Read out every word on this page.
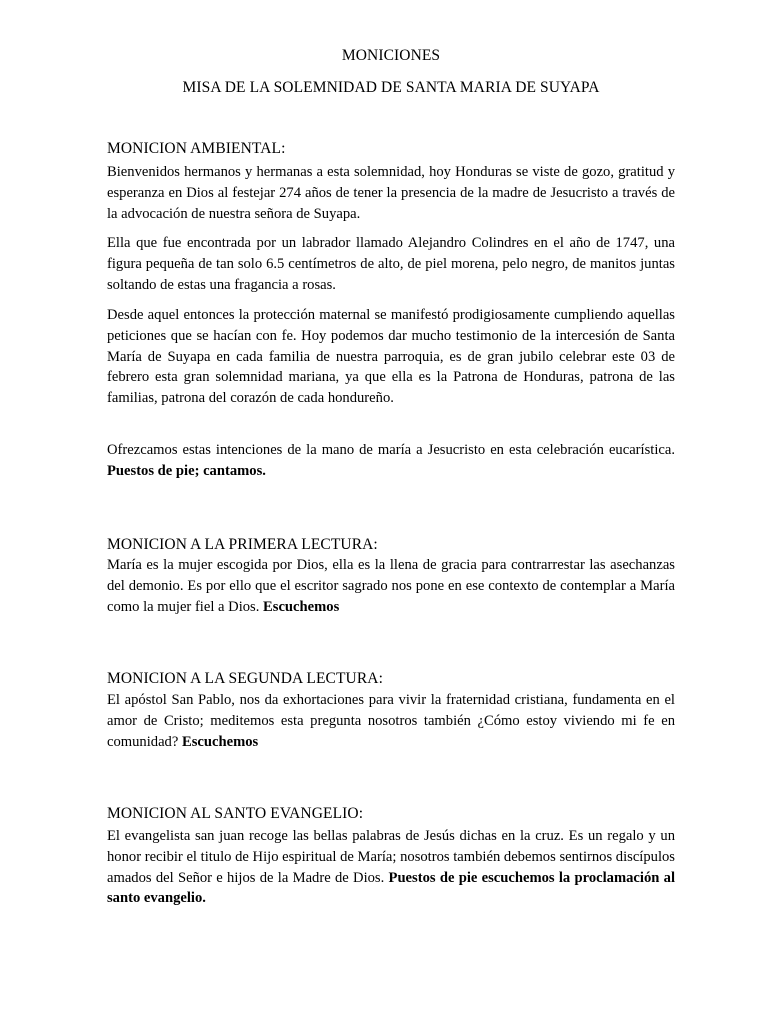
MONICIONES
MISA DE LA SOLEMNIDAD DE SANTA MARIA DE SUYAPA
MONICION AMBIENTAL:

Bienvenidos hermanos y hermanas a esta solemnidad, hoy Honduras se viste de gozo, gratitud y esperanza en Dios al festejar 274 años de tener la presencia de la madre de Jesucristo a través de la advocación de nuestra señora de Suyapa.

Ella que fue encontrada por un labrador llamado Alejandro Colindres en el año de 1747, una figura pequeña de tan solo 6.5 centímetros de alto, de piel morena, pelo negro, de manitos juntas soltando de estas una fragancia a rosas.

Desde aquel entonces la protección maternal se manifestó prodigiosamente cumpliendo aquellas peticiones que se hacían con fe. Hoy podemos dar mucho testimonio de la intercesión de Santa María de Suyapa en cada familia de nuestra parroquia, es de gran jubilo celebrar este 03 de febrero esta gran solemnidad mariana, ya que ella es la Patrona de Honduras, patrona de las familias, patrona del corazón de cada hondureño.

Ofrezcamos estas intenciones de la mano de maría a Jesucristo en esta celebración eucarística. Puestos de pie; cantamos.

MONICION A LA PRIMERA LECTURA:

María es la mujer escogida por Dios, ella es la llena de gracia para contrarrestar las asechanzas del demonio. Es por ello que el escritor sagrado nos pone en ese contexto de contemplar a María como la mujer fiel a Dios. Escuchemos

MONICION A LA SEGUNDA LECTURA:

El apóstol San Pablo, nos da exhortaciones para vivir la fraternidad cristiana, fundamenta en el amor de Cristo; meditemos esta pregunta nosotros también ¿Cómo estoy viviendo mi fe en comunidad? Escuchemos

MONICION AL SANTO EVANGELIO:

El evangelista san juan recoge las bellas palabras de Jesús dichas en la cruz. Es un regalo y un honor recibir el titulo de Hijo espiritual de María; nosotros también debemos sentirnos discípulos amados del Señor e hijos de la Madre de Dios. Puestos de pie escuchemos la proclamación al santo evangelio.
